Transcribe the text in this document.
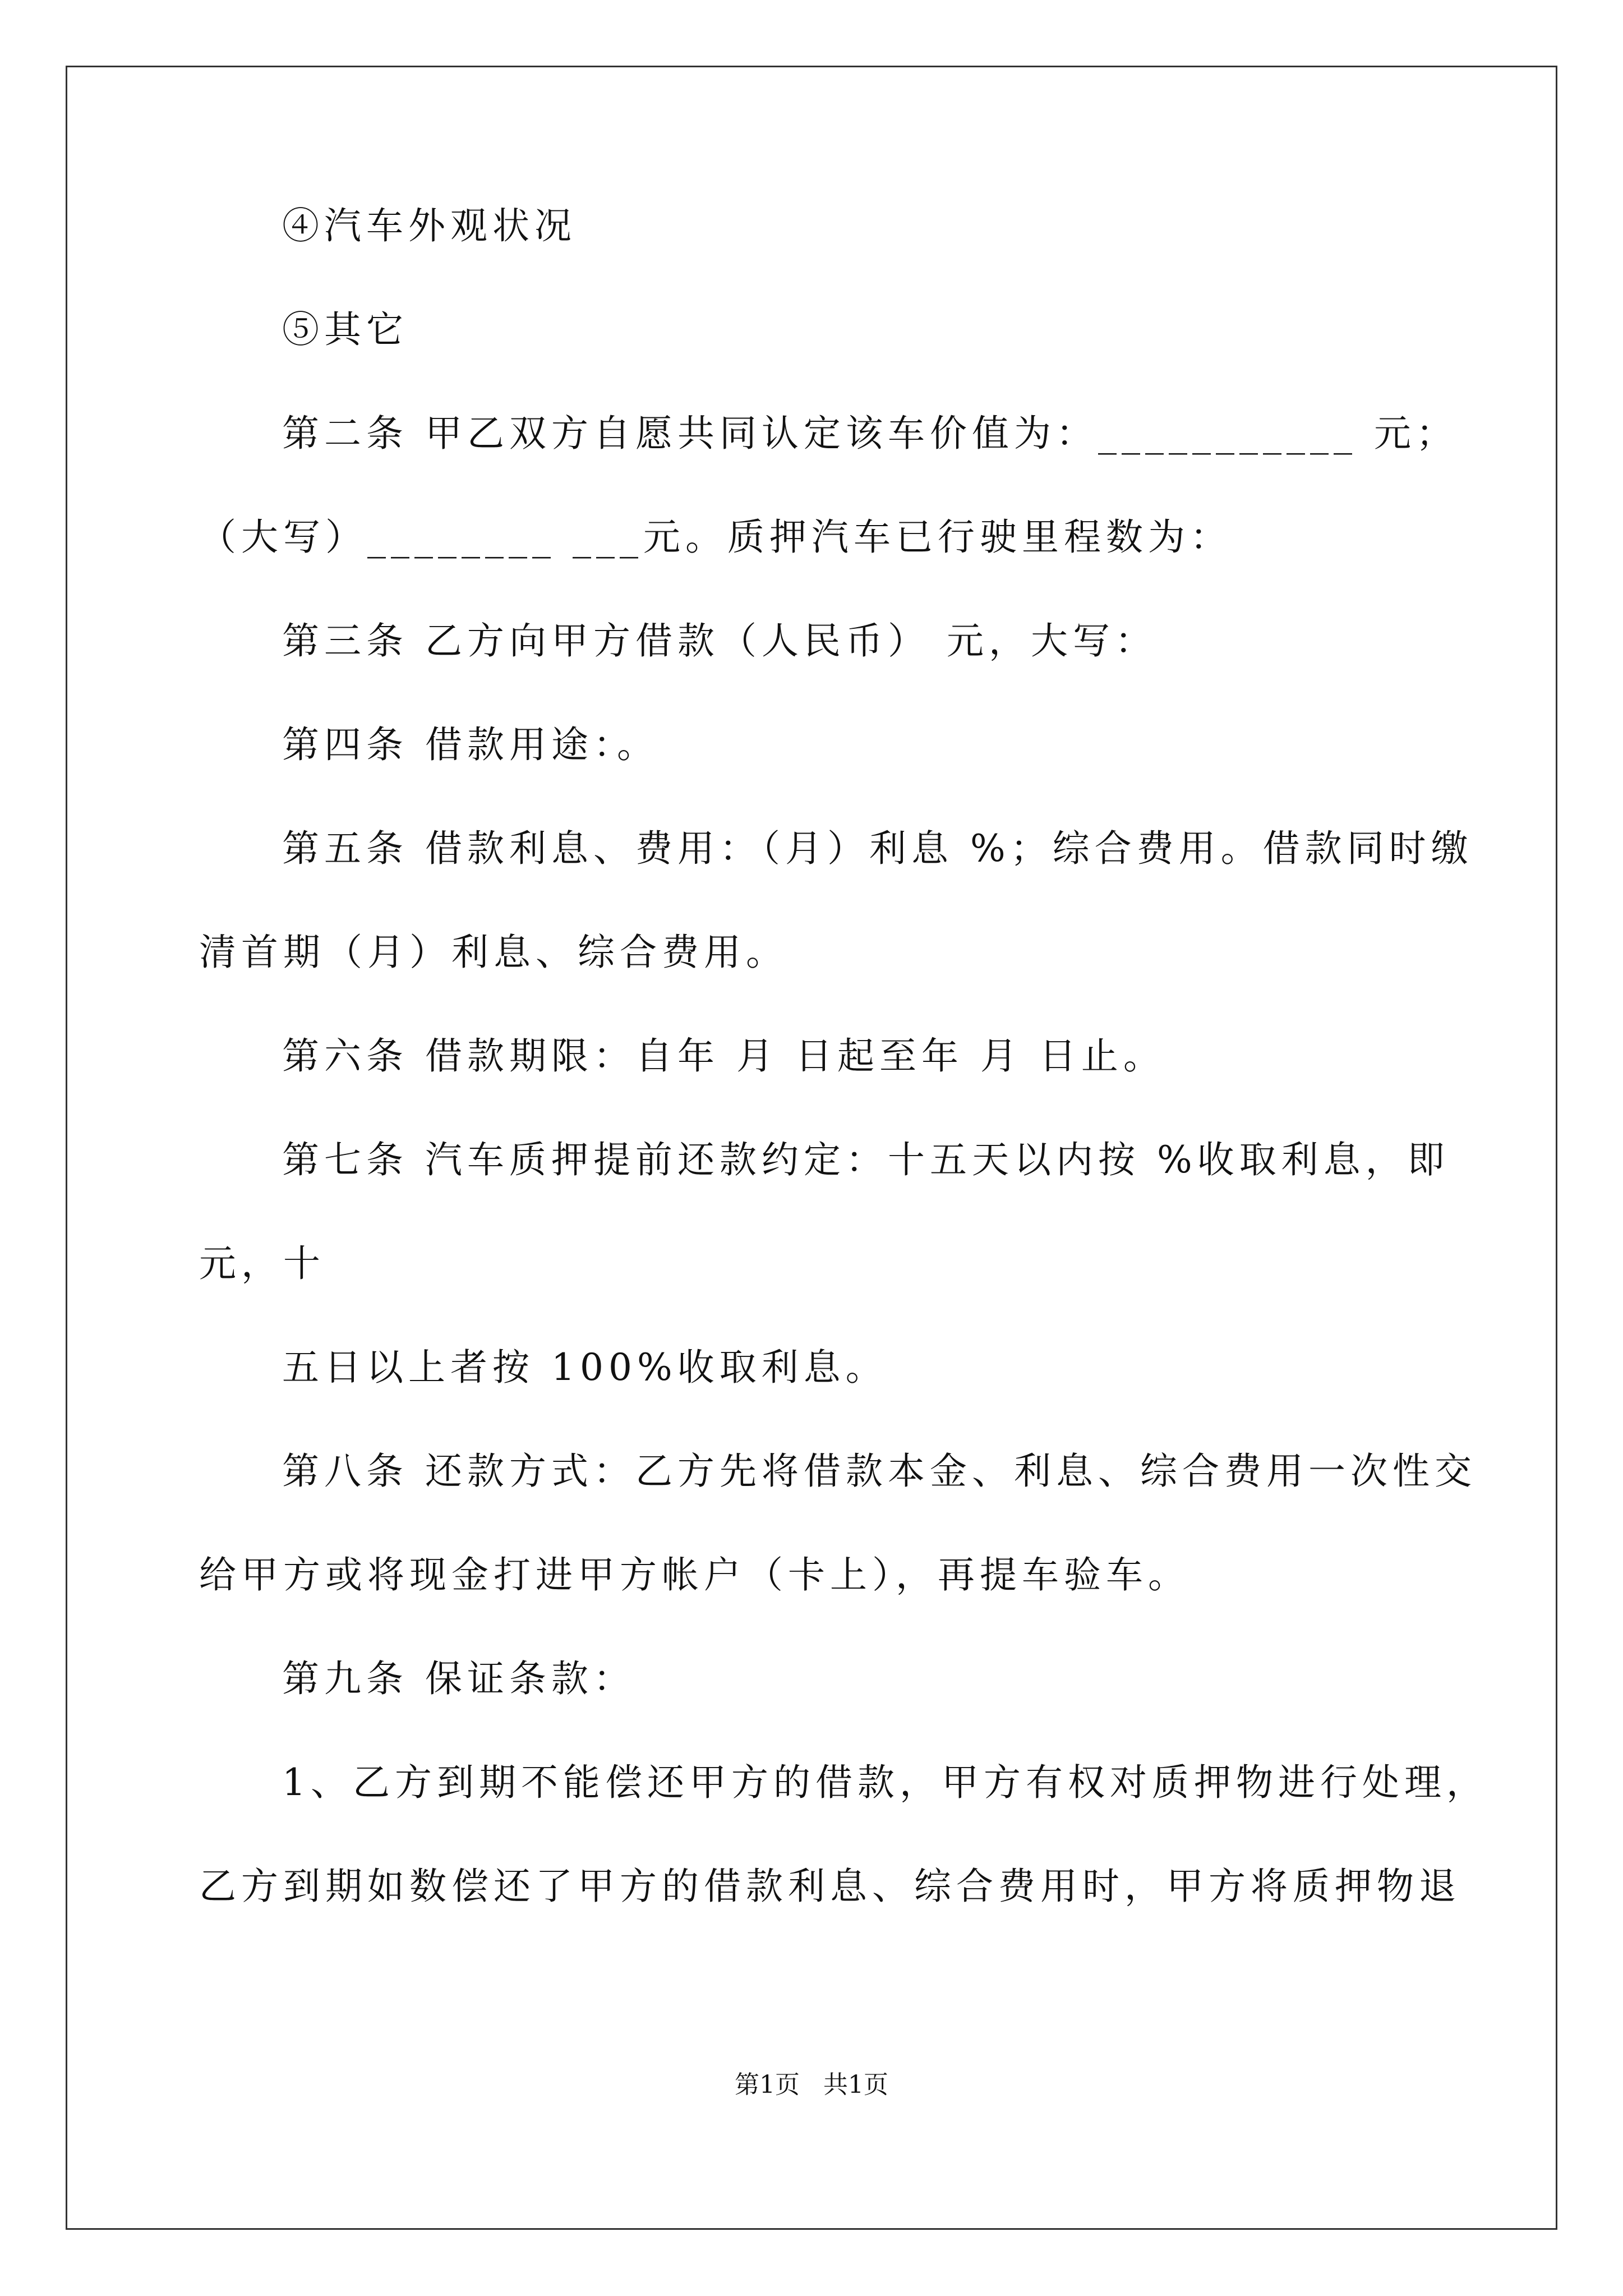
④汽车外观状况
⑤其它
第二条 甲乙双方自愿共同认定该车价值为：___________ 元；
（大写）________ ___元。质押汽车已行驶里程数为：
第三条 乙方向甲方借款（人民币） 元，大写：
第四条 借款用途：。
第五条 借款利息、费用：（月）利息 %；综合费用。借款同时缴
清首期（月）利息、综合费用。
第六条 借款期限：自年 月 日起至年 月 日止。
第七条 汽车质押提前还款约定：十五天以内按 %收取利息，即
元，十
五日以上者按 100%收取利息。
第八条 还款方式：乙方先将借款本金、利息、综合费用一次性交
给甲方或将现金打进甲方帐户（卡上），再提车验车。
第九条 保证条款：
1、乙方到期不能偿还甲方的借款，甲方有权对质押物进行处理，
乙方到期如数偿还了甲方的借款利息、综合费用时，甲方将质押物退
第1页   共1页
